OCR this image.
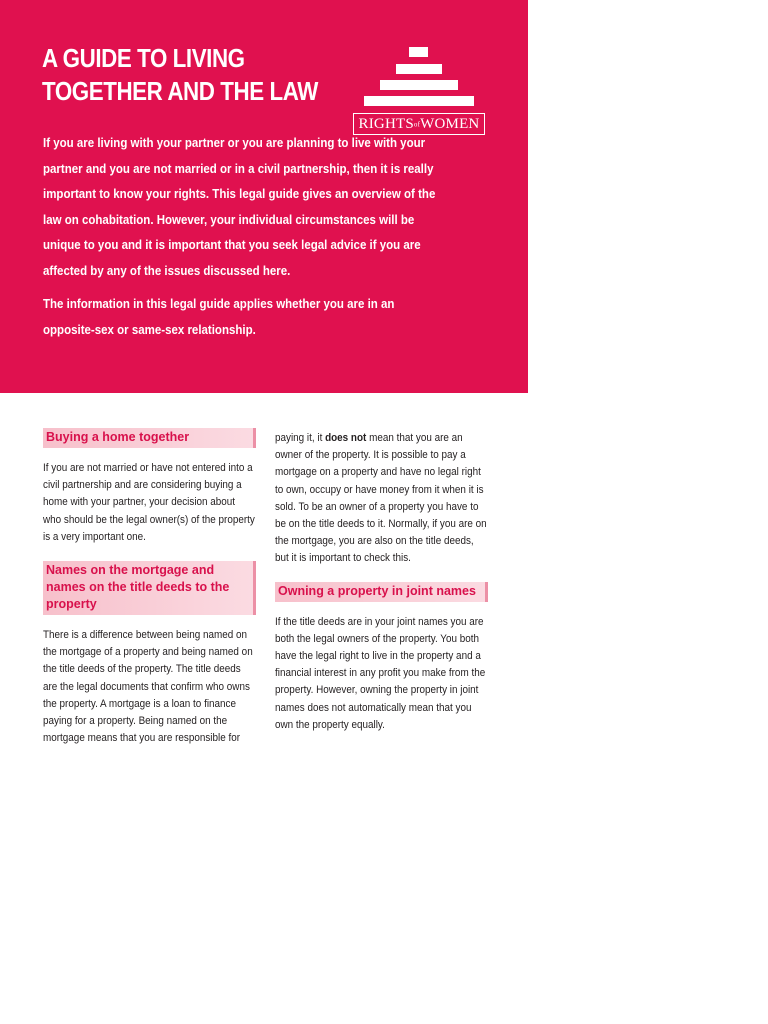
A GUIDE TO LIVING
TOGETHER AND THE LAW
RIGHTSofWOMEN

If you are living with your partner or you are planning to live with your partner and you are not married or in a civil partnership, then it is really important to know your rights. This legal guide gives an overview of the law on cohabitation. However, your individual circumstances will be unique to you and it is important that you seek legal advice if you are affected by any of the issues discussed here.

The information in this legal guide applies whether you are in an opposite-sex or same-sex relationship.

Buying a home together

If you are not married or have not entered into a civil partnership and are considering buying a home with your partner, your decision about who should be the legal owner(s) of the property is a very important one.

Names on the mortgage and names on the title deeds to the property

There is a difference between being named on the mortgage of a property and being named on the title deeds of the property. The title deeds are the legal documents that confirm who owns the property. A mortgage is a loan to finance paying for a property. Being named on the mortgage means that you are responsible for

paying it, it does not mean that you are an owner of the property. It is possible to pay a mortgage on a property and have no legal right to own, occupy or have money from it when it is sold. To be an owner of a property you have to be on the title deeds to it. Normally, if you are on the mortgage, you are also on the title deeds, but it is important to check this.

Owning a property in joint names

If the title deeds are in your joint names you are both the legal owners of the property. You both have the legal right to live in the property and a financial interest in any profit you make from the property. However, owning the property in joint names does not automatically mean that you own the property equally.
